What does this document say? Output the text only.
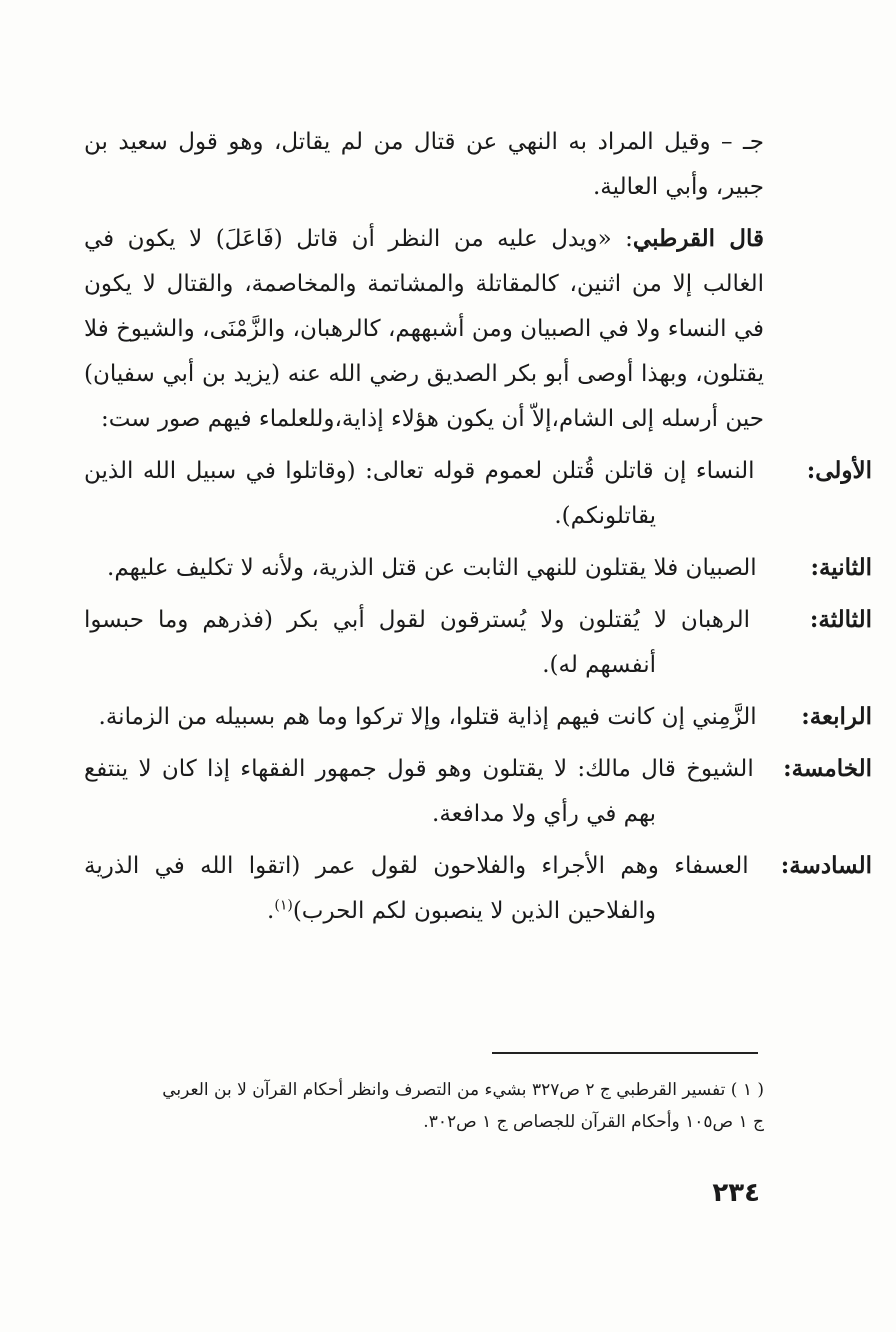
جـ – وقيل المراد به النهي عن قتال من لم يقاتل، وهو قول سعيد بن جبير، وأبي العالية.

قال القرطبي: «ويدل عليه من النظر أن قاتل (فَاعَلَ) لا يكون في الغالب إلا من اثنين، كالمقاتلة والمشاتمة والمخاصمة، والقتال لا يكون في النساء ولا في الصبيان ومن أشبههم، كالرهبان، والزَّمْنَى، والشيوخ فلا يقتلون، وبهذا أوصى أبو بكر الصديق رضي الله عنه (يزيد بن أبي سفيان) حين أرسله إلى الشام،إلاّ أن يكون هؤلاء إذاية،وللعلماء فيهم صور ست:

الأولى: النساء إن قاتلن قُتلن لعموم قوله تعالى: (وقاتلوا في سبيل الله الذين يقاتلونكم).

الثانية: الصبيان فلا يقتلون للنهي الثابت عن قتل الذرية، ولأنه لا تكليف عليهم.

الثالثة: الرهبان لا يُقتلون ولا يُسترقون لقول أبي بكر (فذرهم وما حبسوا أنفسهم له).

الرابعة: الزَّمِني إن كانت فيهم إذاية قتلوا، وإلا تركوا وما هم بسبيله من الزمانة.

الخامسة: الشيوخ قال مالك: لا يقتلون وهو قول جمهور الفقهاء إذا كان لا ينتفع بهم في رأي ولا مدافعة.

السادسة: العسفاء وهم الأجراء والفلاحون لقول عمر (اتقوا الله في الذرية والفلاحين الذين لا ينصبون لكم الحرب)$^{(١)}$.

( ١ ) تفسير القرطبي ج ٢ ص٣٢٧ بشيء من التصرف وانظر أحكام القرآن لا بن العربي
ج ١ ص١٠٥ وأحكام القرآن للجصاص ج ١ ص٣٠٢.
٢٣٤
